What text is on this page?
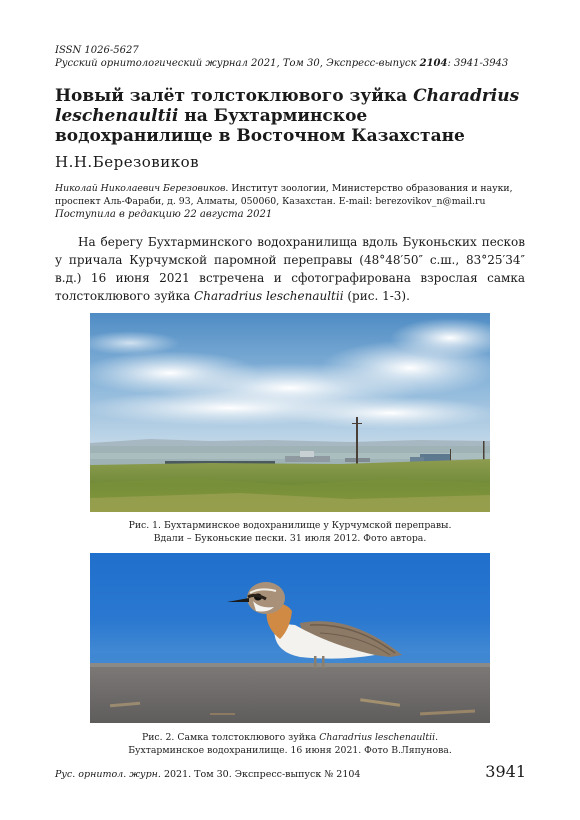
ISSN 1026-5627
Русский орнитологический журнал 2021, Том 30, Экспресс-выпуск 2104: 3941-3943
Новый залёт толстоклювого зуйка Charadrius leschenaultii на Бухтарминское водохранилище в Восточном Казахстане
Н.Н.Березовиков
Николай Николаевич Березовиков. Институт зоологии, Министерство образования и науки, проспект Аль-Фараби, д. 93, Алматы, 050060, Казахстан. E-mail: berezovikov_n@mail.ru
Поступила в редакцию 22 августа 2021
На берегу Бухтарминского водохранилища вдоль Буконьских песков у причала Курчумской паромной переправы (48°48′50″ с.ш., 83°25′34″ в.д.) 16 июня 2021 встречена и сфотографирована взрослая самка толстоклювого зуйка Charadrius leschenaultii (рис. 1-3).
Рис. 1. Бухтарминское водохранилище у Курчумской переправы.
Вдали – Буконьские пески. 31 июля 2012. Фото автора.
Рис. 2. Самка толстоклювого зуйка Charadrius leschenaultii.
Бухтарминское водохранилище. 16 июня 2021. Фото В.Ляпунова.
Рус. орнитол. журн. 2021. Том 30. Экспресс-выпуск № 2104	3941
